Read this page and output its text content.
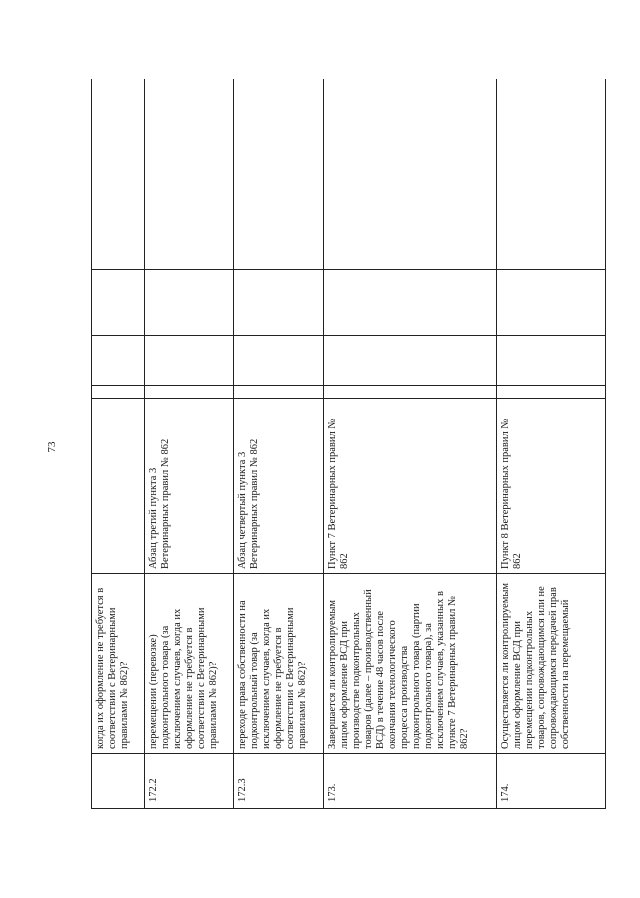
73
	когда их оформление не требуется в соответствии с Ветеринарными правилами № 862)?					
172.2	перемещении (перевозке) подконтрольного товара (за исключением случаев, когда их оформление не требуется в соответствии с Ветеринарными правилами № 862)?	Абзац третий пункта 3 Ветеринарных правил № 862				
172.3	переходе права собственности на подконтрольный товар (за исключением случаев, когда их оформление не требуется в соответствии с Ветеринарными правилами № 862)?	Абзац четвертый пункта 3 Ветеринарных правил № 862				
173.	Завершается ли контролируемым лицом оформление ВСД при производстве подконтрольных товаров (далее – производственный ВСД) в течение 48 часов после окончания технологического процесса производства подконтрольного товара (партии подконтрольного товара), за исключением случаев, указанных в пункте 7 Ветеринарных правил № 862?	Пункт 7 Ветеринарных правил № 862				
174.	Осуществляется ли контролируемым лицом оформление ВСД при перемещении подконтрольных товаров, сопровождающимся или не сопровождающимся передачей прав собственности на перемещаемый	Пункт 8 Ветеринарных правил № 862				
